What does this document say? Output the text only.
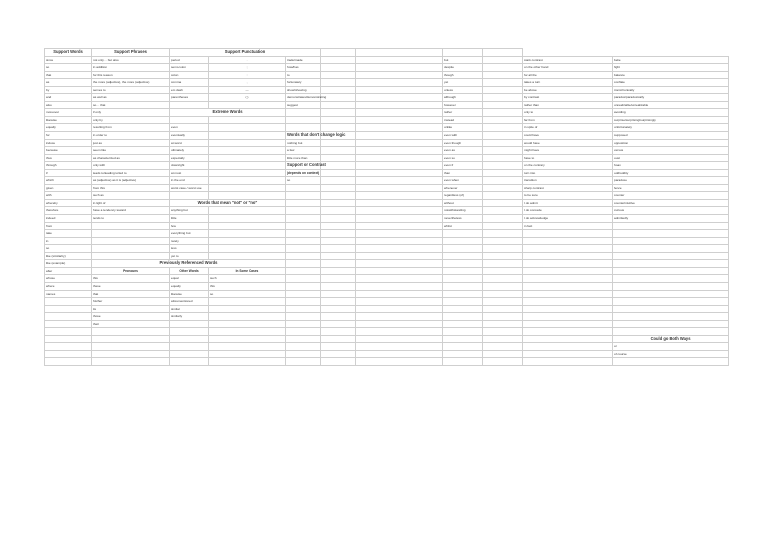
Support Words	Support Phrases	Support Punctuation								
since	not only… but also	period	.	trade/made			but		stark contrast	belie
so	in addition	semi-colon	;	how/has			despite		on the other hand	fight
that	for this reason	colon	:	to			though		for all the	balance
as	the more (adjective), the more (adjective)	comma	,	fortunately			yet		takes a turn	conflate
by	serves to	em dash	—	show/showing			unless		be above	ironic/ironically
and	as well as	parentheses	( )	demonstrates/demonstrating			although		by contrast	paradox/paradoxically
also	so… that			suggest			however		rather than	unrealizable/unrealizable
moreover	if only	Extreme Words					rather		only to	avoiding
likewise	only by						instead		far from	surprise/surprising/surprisingly
equally	resulting from	even					unlike		in spite of	unfortunately
for	in order to	eventually		Words that don't change logic			even with		could have	supposed
induce	just as	at worst		nothing but			even though		would have	opposition
because	seem like	ultimately		a few			even as		might have	versus
thus	as characterized as	especially		little more than			even so		have to	oust
through	only with	downright		Support or Contrast			even if		on the contrary	hoax
if	leads to/leading to/led to	at most		(depends on context)			than		turn into	odd/oddity
which	as (adjective) as it is (adjective)	in the end		so			even when		transition	paradoxe
given	from this	worst case / worst use					whenever		sharp contrast	fence
with	such as						regardless (of)		to be sure	counter
whereby	in light of	Words that mean "not" or "no"					without		I do admit	counterintuitive
therefore	have a tendency toward	anything but					notwithstanding		I do concede	curious
indeed	tends to	little					nevertheless		I do acknowledge	admittedly
from		few					whilst		in fact	
take		everything but								
in		rarely								
so		less								
like (similarity)		yet to								
like (example)	Previously Referenced Words									
after	Pronouns	Other Words	In Some Cases							
whose	this	equal	such							
where	these	equally	this							
names	that	likewise	so							
	his/her	aforementioned								
	its	similar								
	those	similarly								
	their									

										Could go Both Ways
										or
										of course
